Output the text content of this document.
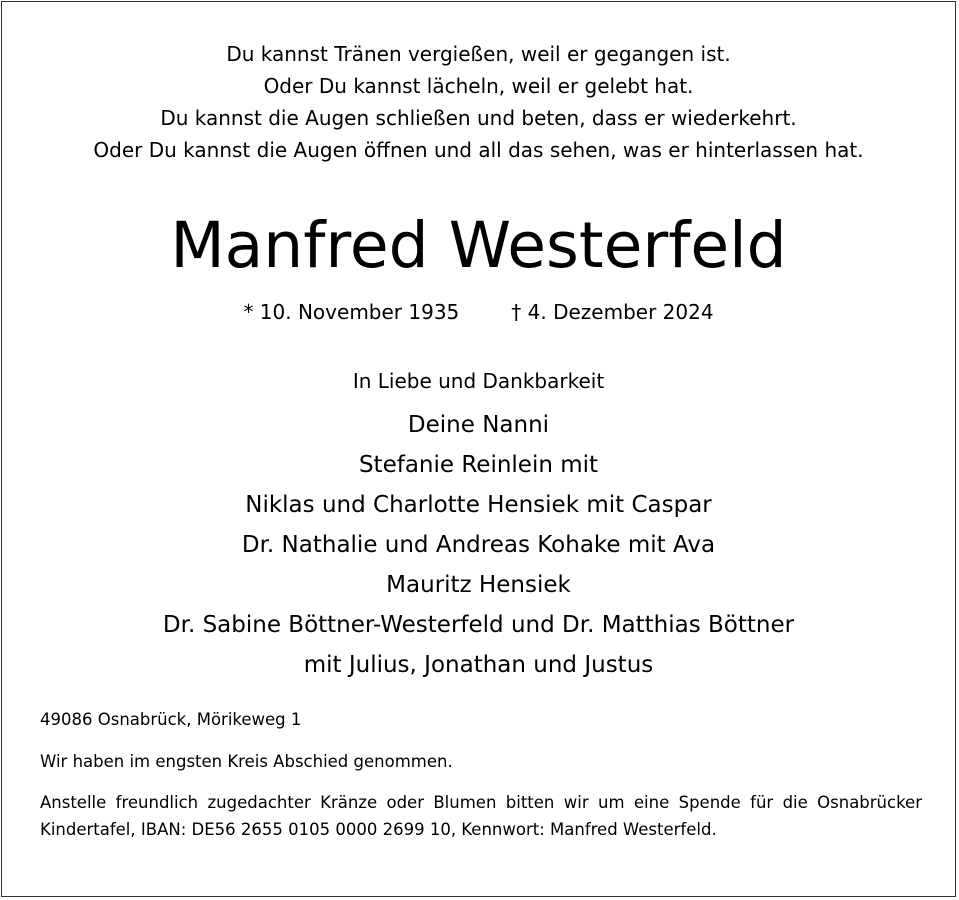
Du kannst Tränen vergießen, weil er gegangen ist.
Oder Du kannst lächeln, weil er gelebt hat.
Du kannst die Augen schließen und beten, dass er wiederkehrt.
Oder Du kannst die Augen öffnen und all das sehen, was er hinterlassen hat.
Manfred Westerfeld
* 10. November 1935	† 4. Dezember 2024
In Liebe und Dankbarkeit
Deine Nanni
Stefanie Reinlein mit
Niklas und Charlotte Hensiek mit Caspar
Dr. Nathalie und Andreas Kohake mit Ava
Mauritz Hensiek
Dr. Sabine Böttner-Westerfeld und Dr. Matthias Böttner
mit Julius, Jonathan und Justus
49086 Osnabrück, Mörikeweg 1
Wir haben im engsten Kreis Abschied genommen.
Anstelle freundlich zugedachter Kränze oder Blumen bitten wir um eine Spende für die Osnabrücker Kindertafel, IBAN: DE56 2655 0105 0000 2699 10, Kennwort: Manfred Westerfeld.
